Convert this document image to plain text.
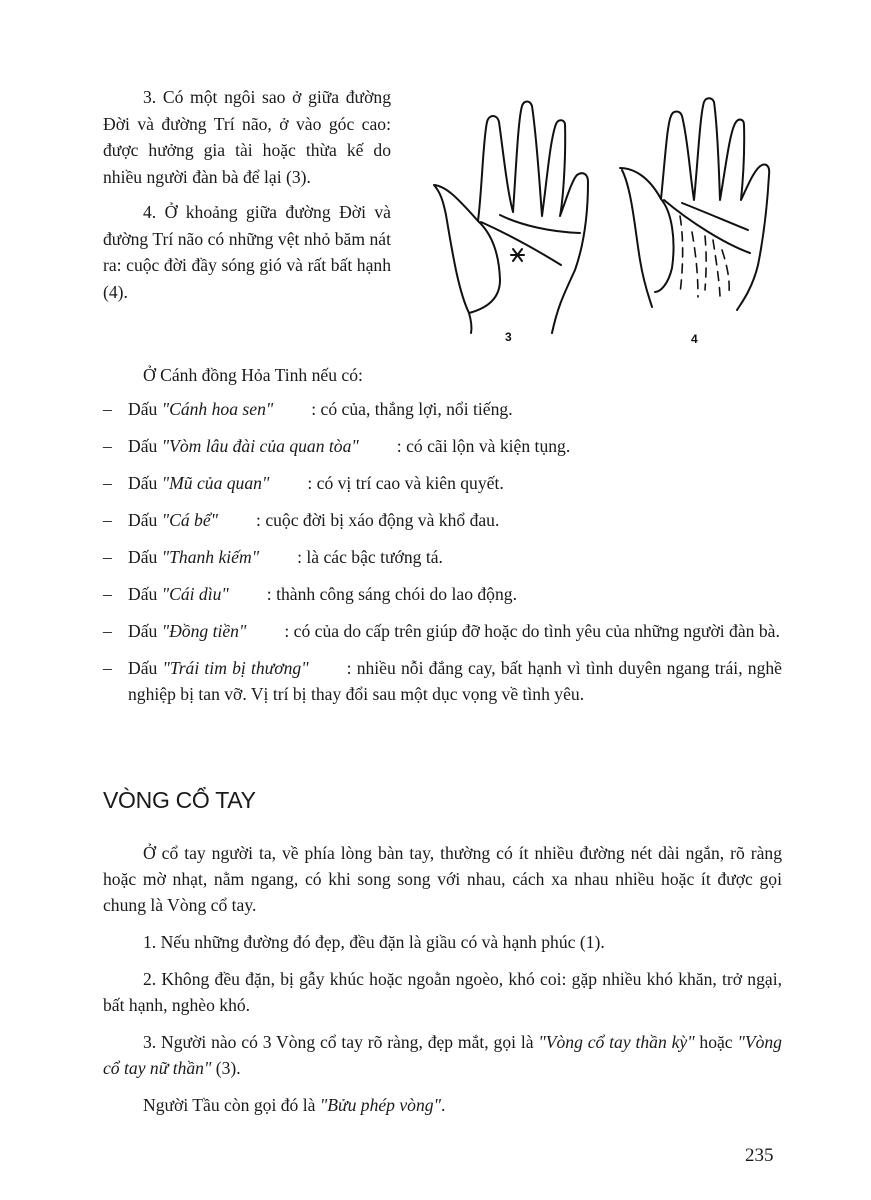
3. Có một ngôi sao ở giữa đường Đời và đường Trí não, ở vào góc cao: được hưởng gia tài hoặc thừa kế do nhiều người đàn bà để lại (3).

4. Ở khoảng giữa đường Đời và đường Trí não có những vệt nhỏ băm nát ra: cuộc đời đầy sóng gió và rất bất hạnh (4).

3	4
Ở Cánh đồng Hỏa Tinh nếu có:
– Dấu "Cánh hoa sen" : có của, thắng lợi, nổi tiếng.
– Dấu "Vòm lâu đài của quan tòa" : có cãi lộn và kiện tụng.
– Dấu "Mũ của quan" : có vị trí cao và kiên quyết.
– Dấu "Cá bể" : cuộc đời bị xáo động và khổ đau.
– Dấu "Thanh kiếm" : là các bậc tướng tá.
– Dấu "Cái dìu" : thành công sáng chói do lao động.
– Dấu "Đồng tiền" : có của do cấp trên giúp đỡ hoặc do tình yêu của những người đàn bà.
– Dấu "Trái tim bị thương" : nhiều nỗi đắng cay, bất hạnh vì tình duyên ngang trái, nghề nghiệp bị tan vỡ. Vị trí bị thay đổi sau một dục vọng về tình yêu.
VÒNG CỔ TAY

Ở cổ tay người ta, về phía lòng bàn tay, thường có ít nhiều đường nét dài ngắn, rõ ràng hoặc mờ nhạt, nằm ngang, có khi song song với nhau, cách xa nhau nhiều hoặc ít được gọi chung là Vòng cổ tay.

1. Nếu những đường đó đẹp, đều đặn là giầu có và hạnh phúc (1).

2. Không đều đặn, bị gẫy khúc hoặc ngoằn ngoèo, khó coi: gặp nhiều khó khăn, trở ngại, bất hạnh, nghèo khó.

3. Người nào có 3 Vòng cổ tay rõ ràng, đẹp mắt, gọi là "Vòng cổ tay thần kỳ" hoặc "Vòng cổ tay nữ thần" (3).

Người Tầu còn gọi đó là "Bửu phép vòng".

235
